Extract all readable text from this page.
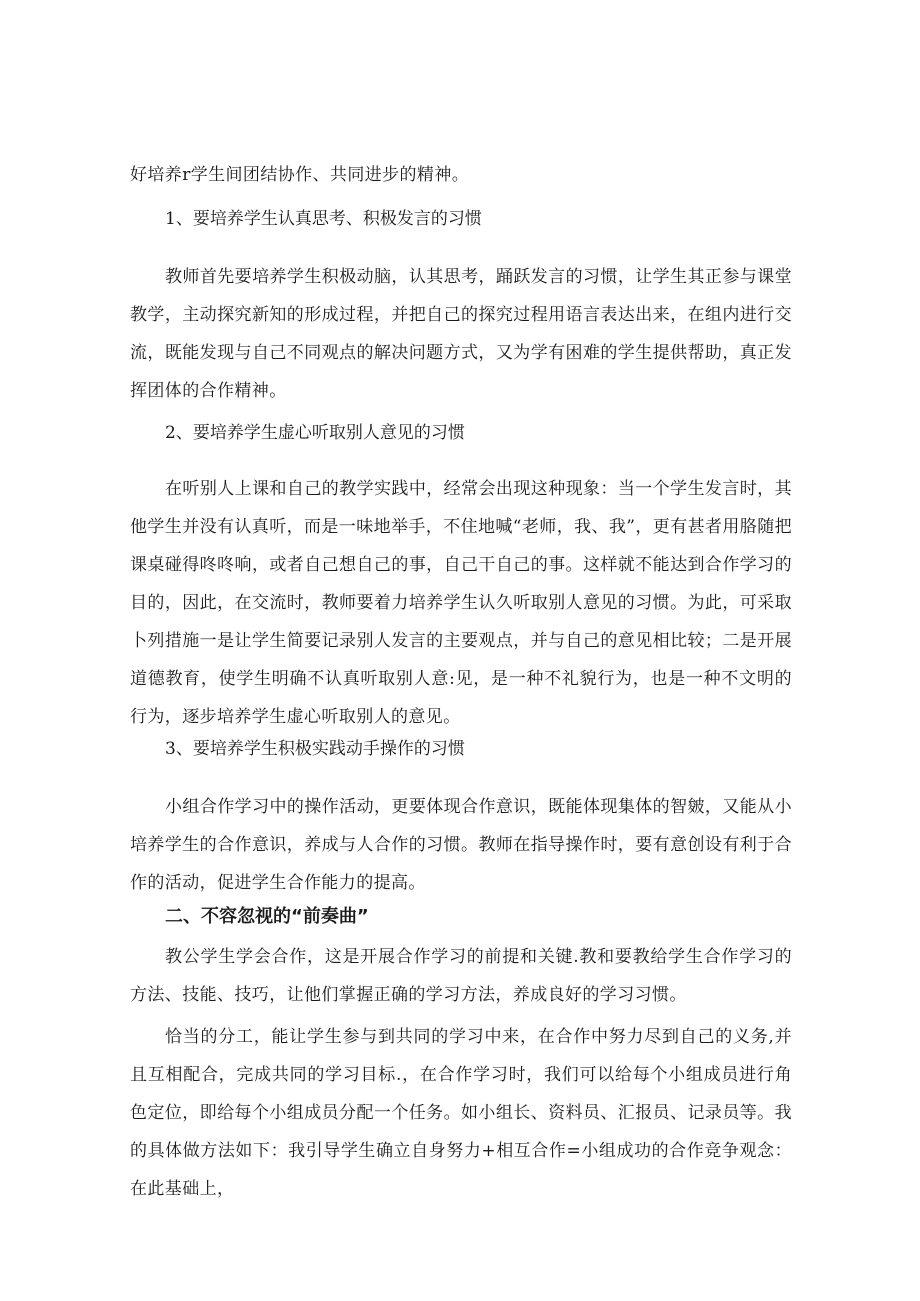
好培养r学生间团结协作、共同进步的精神。

1、要培养学生认真思考、积极发言的习惯

教师首先要培养学生积极动脑，认其思考，踊跃发言的习惯，让学生其正参与课堂教学，主动探究新知的形成过程，并把自己的探究过程用语言表达出来，在组内进行交流，既能发现与自己不同观点的解决问题方式，又为学有困难的学生提供帮助，真正发挥团体的合作精神。

2、要培养学生虚心听取别人意见的习惯

在听别人上课和自己的教学实践中，经常会出现这种现象：当一个学生发言时，其他学生并没有认真听，而是一味地举手，不住地喊“老师，我、我”，更有甚者用胳随把课桌碰得咚咚响，或者自己想自己的事，自己干自己的事。这样就不能达到合作学习的目的，因此，在交流时，教师要着力培养学生认久听取别人意见的习惯。为此，可采取卜列措施一是让学生简要记录别人发言的主要观点，并与自己的意见相比较；二是开展道德教育，使学生明确不认真听取别人意:见，是一种不礼貌行为，也是一种不文明的行为，逐步培养学生虚心听取别人的意见。

3、要培养学生积极实践动手操作的习惯

小组合作学习中的操作活动，更要体现合作意识，既能体现集体的智皴，又能从小培养学生的合作意识，养成与人合作的习惯。教师在指导操作时，要有意创设有利于合作的活动，促进学生合作能力的提高。

二、不容忽视的“前奏曲”

教公学生学会合作，这是开展合作学习的前提和关键.教和要教给学生合作学习的方法、技能、技巧，让他们掌握正确的学习方法，养成良好的学习习惯。

恰当的分工，能让学生参与到共同的学习中来，在合作中努力尽到自己的义务,并且互相配合，完成共同的学习目标.，在合作学习时，我们可以给每个小组成员进行角色定位，即给每个小组成员分配一个任务。如小组长、资料员、汇报员、记录员等。我的具体做方法如下：我引导学生确立自身努力+相互合作=小组成功的合作竞争观念：在此基础上，
